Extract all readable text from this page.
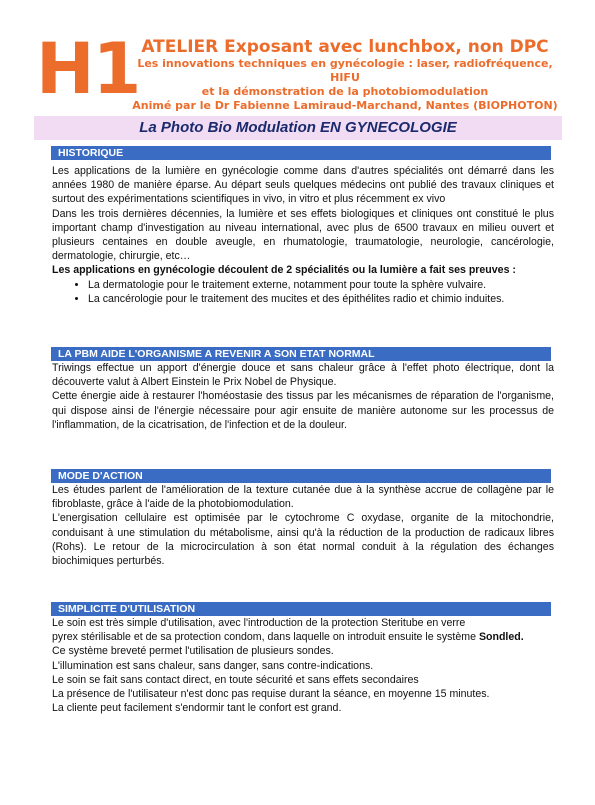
H1 ATELIER Exposant avec lunchbox, non DPC
Les innovations techniques en gynécologie : laser, radiofréquence, HIFU
et la démonstration de la photobiomodulation
Animé par le Dr Fabienne Lamiraud-Marchand, Nantes (BIOPHOTON)
La Photo Bio Modulation EN GYNECOLOGIE
HISTORIQUE

Les applications de la lumière en gynécologie comme dans d'autres spécialités ont démarré dans les années 1980 de manière éparse. Au départ seuls quelques médecins ont publié des travaux cliniques et surtout des expérimentations scientifiques in vivo, in vitro et plus récemment ex vivo

Dans les trois dernières décennies, la lumière et ses effets biologiques et cliniques ont constitué le plus important champ d'investigation au niveau international, avec plus de 6500 travaux en milieu ouvert et plusieurs centaines en double aveugle, en rhumatologie, traumatologie, neurologie, cancérologie, dermatologie, chirurgie, etc…

Les applications en gynécologie découlent de 2 spécialités ou la lumière a fait ses preuves :

• La dermatologie pour le traitement externe, notamment pour toute la sphère vulvaire.
• La cancérologie pour le traitement des mucites et des épithélites radio et chimio induites.
LA PBM AIDE L'ORGANISME A REVENIR A SON ETAT NORMAL

Triwings effectue un apport d'énergie douce et sans chaleur grâce à l'effet photo électrique, dont la découverte valut à Albert Einstein le Prix Nobel de Physique.

Cette énergie aide à restaurer l'homéostasie des tissus par les mécanismes de réparation de l'organisme, qui dispose ainsi de l'énergie nécessaire pour agir ensuite de manière autonome sur les processus de l'inflammation, de la cicatrisation, de l'infection et de la douleur.

MODE D'ACTION

Les études parlent de l'amélioration de la texture cutanée due à la synthèse accrue de collagène par le fibroblaste, grâce à l'aide de la photobiomodulation.

L'energisation cellulaire est optimisée par le cytochrome C oxydase, organite de la mitochondrie, conduisant à une stimulation du métabolisme, ainsi qu'à la réduction de la production de radicaux libres (Rohs). Le retour de la microcirculation à son état normal conduit à la régulation des échanges biochimiques perturbés.

SIMPLICITE D'UTILISATION

Le soin est très simple d'utilisation, avec l'introduction de la protection Steritube en verre

pyrex stérilisable et de sa protection condom, dans laquelle on introduit ensuite le système Sondled.

Ce système breveté permet l'utilisation de plusieurs sondes.

L'illumination est sans chaleur, sans danger, sans contre-indications.

Le soin se fait sans contact direct, en toute sécurité et sans effets secondaires

La présence de l'utilisateur n'est donc pas requise durant la séance, en moyenne 15 minutes.

La cliente peut facilement s'endormir tant le confort est grand.
